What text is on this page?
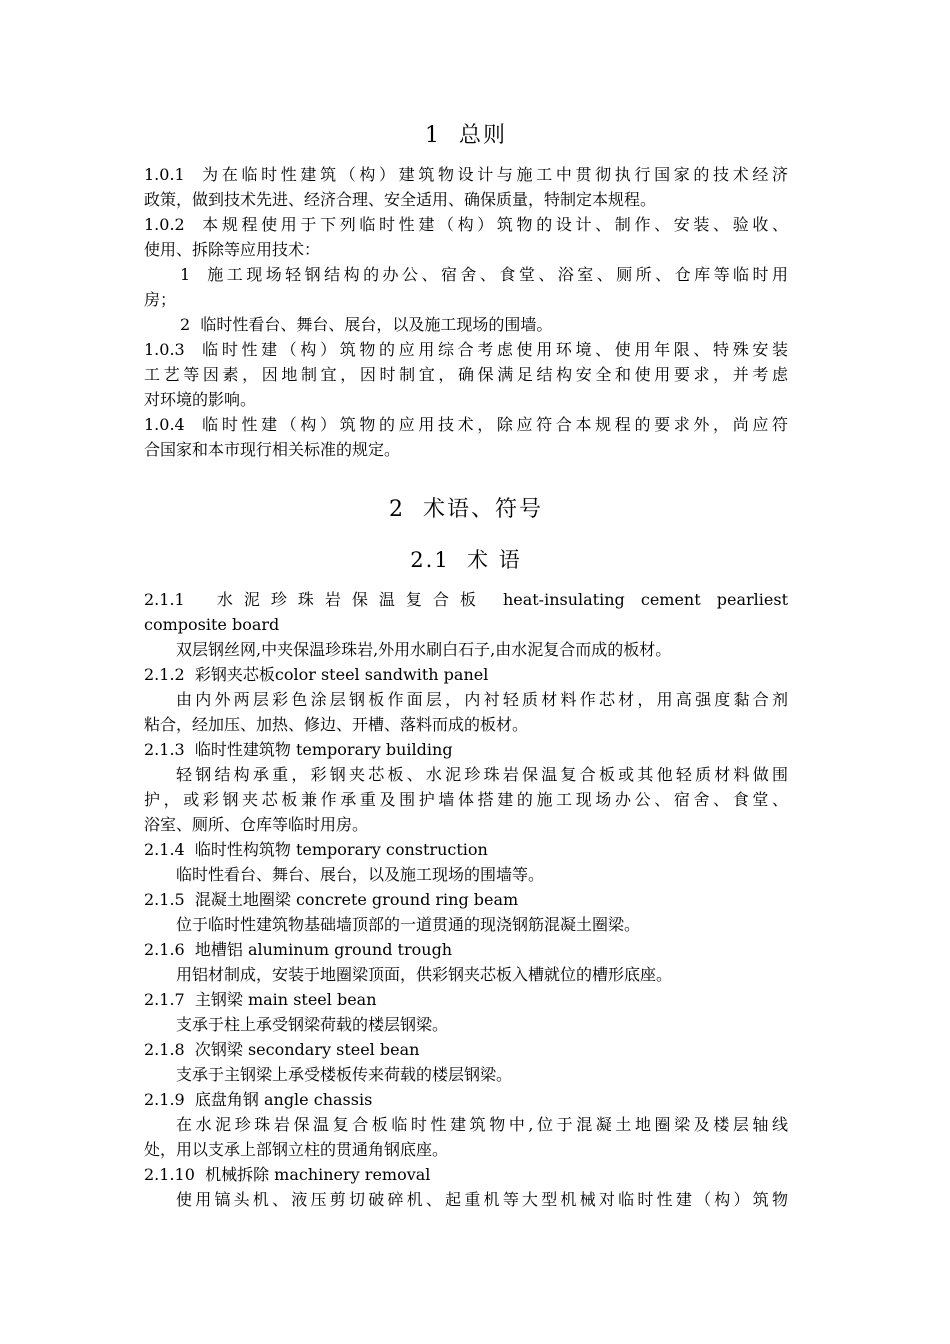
1  总则
1.0.1  为在临时性建筑（构）建筑物设计与施工中贯彻执行国家的技术经济
政策，做到技术先进、经济合理、安全适用、确保质量，特制定本规程。
1.0.2  本规程使用于下列临时性建（构）筑物的设计、制作、安装、验收、
使用、拆除等应用技术：
1  施工现场轻钢结构的办公、宿舍、食堂、浴室、厕所、仓库等临时用
房；
2  临时性看台、舞台、展台，以及施工现场的围墙。
1.0.3  临时性建（构）筑物的应用综合考虑使用环境、使用年限、特殊安装
工艺等因素，因地制宜，因时制宜，确保满足结构安全和使用要求，并考虑
对环境的影响。
1.0.4  临时性建（构）筑物的应用技术，除应符合本规程的要求外，尚应符
合国家和本市现行相关标准的规定。
2  术语、符号
2.1  术 语
2.1.1  水泥珍珠岩保温复合板 heat-insulating cement pearliest
composite board
双层钢丝网,中夹保温珍珠岩,外用水刷白石子,由水泥复合而成的板材。
2.1.2  彩钢夹芯板color steel sandwith panel
由内外两层彩色涂层钢板作面层，内衬轻质材料作芯材，用高强度黏合剂
粘合，经加压、加热、修边、开槽、落料而成的板材。
2.1.3  临时性建筑物 temporary building
轻钢结构承重，彩钢夹芯板、水泥珍珠岩保温复合板或其他轻质材料做围
护，或彩钢夹芯板兼作承重及围护墙体搭建的施工现场办公、宿舍、食堂、
浴室、厕所、仓库等临时用房。
2.1.4  临时性构筑物 temporary construction
临时性看台、舞台、展台，以及施工现场的围墙等。
2.1.5  混凝土地圈梁 concrete ground ring beam
位于临时性建筑物基础墙顶部的一道贯通的现浇钢筋混凝土圈梁。
2.1.6  地槽铝 aluminum ground trough
用铝材制成，安装于地圈梁顶面，供彩钢夹芯板入槽就位的槽形底座。
2.1.7  主钢梁 main steel bean
支承于柱上承受钢梁荷载的楼层钢梁。
2.1.8  次钢梁 secondary steel bean
支承于主钢梁上承受楼板传来荷载的楼层钢梁。
2.1.9  底盘角钢 angle chassis
在水泥珍珠岩保温复合板临时性建筑物中,位于混凝土地圈梁及楼层轴线
处，用以支承上部钢立柱的贯通角钢底座。
2.1.10  机械拆除 machinery removal
使用镐头机、液压剪切破碎机、起重机等大型机械对临时性建（构）筑物
